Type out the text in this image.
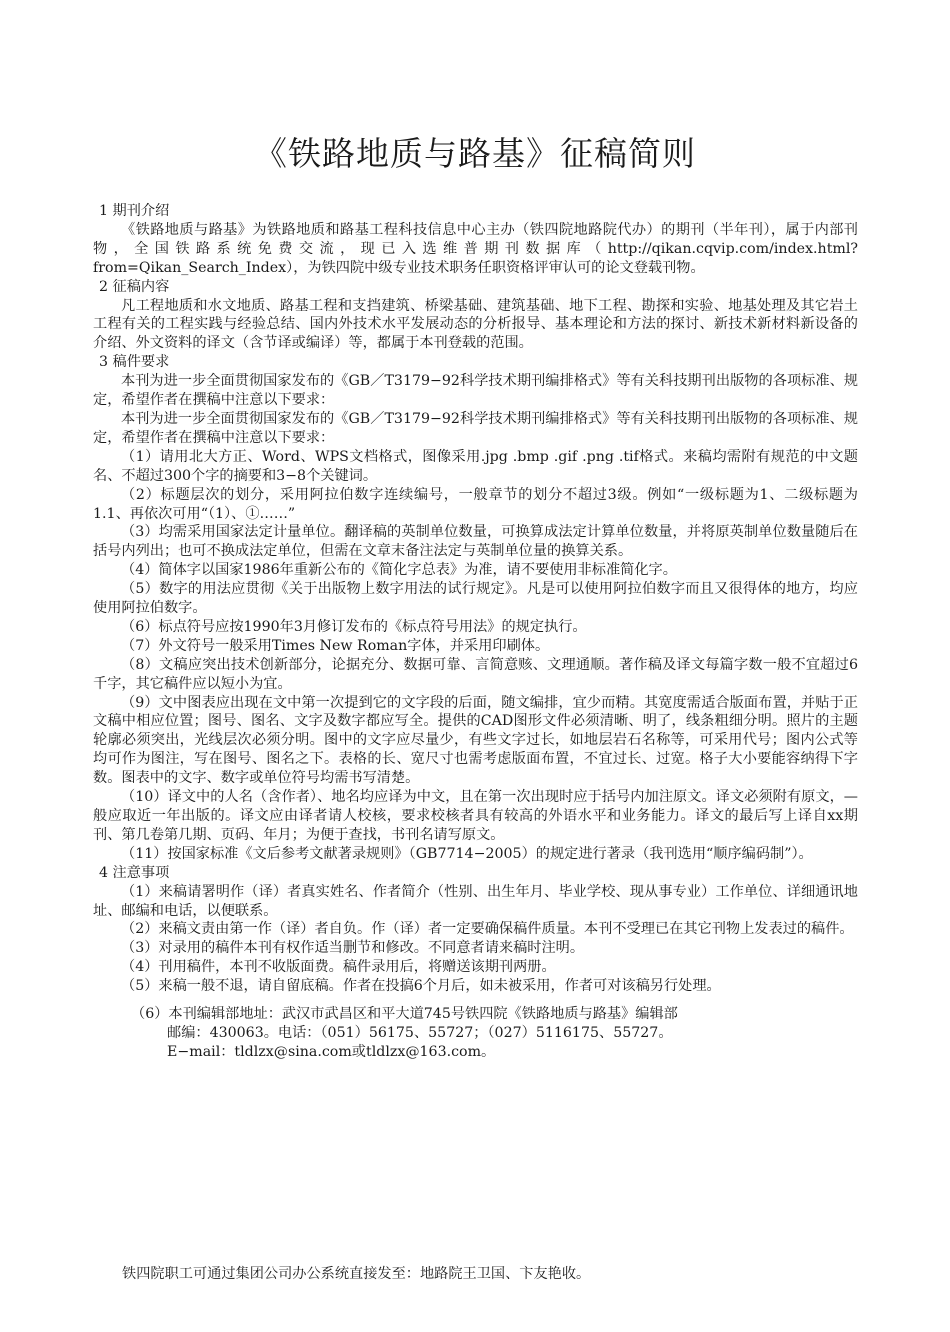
《铁路地质与路基》征稿简则

1 期刊介绍

《铁路地质与路基》为铁路地质和路基工程科技信息中心主办（铁四院地路院代办）的期刊（半年刊），属于内部刊物，全国铁路系统免费交流，现已入选维普期刊数据库（http://qikan.cqvip.com/index.html?from=Qikan_Search_Index），为铁四院中级专业技术职务任职资格评审认可的论文登载刊物。

2 征稿内容

凡工程地质和水文地质、路基工程和支挡建筑、桥梁基础、建筑基础、地下工程、勘探和实验、地基处理及其它岩土工程有关的工程实践与经验总结、国内外技术水平发展动态的分析报导、基本理论和方法的探讨、新技术新材料新设备的介绍、外文资料的译文（含节译或编译）等，都属于本刊登载的范围。

3 稿件要求

本刊为进一步全面贯彻国家发布的《GB／T3179−92科学技术期刊编排格式》等有关科技期刊出版物的各项标准、规定，希望作者在撰稿中注意以下要求：

本刊为进一步全面贯彻国家发布的《GB／T3179−92科学技术期刊编排格式》等有关科技期刊出版物的各项标准、规定，希望作者在撰稿中注意以下要求：

（1）请用北大方正、Word、WPS文档格式，图像采用.jpg .bmp .gif .png .tif格式。来稿均需附有规范的中文题名、不超过300个字的摘要和3−8个关键词。

（2）标题层次的划分，采用阿拉伯数字连续编号，一般章节的划分不超过3级。例如“一级标题为1、二级标题为1.1、再依次可用“（1）、①……”

（3）均需采用国家法定计量单位。翻译稿的英制单位数量，可换算成法定计算单位数量，并将原英制单位数量随后在括号内列出；也可不换成法定单位，但需在文章末备注法定与英制单位量的换算关系。

（4）简体字以国家1986年重新公布的《简化字总表》为准，请不要使用非标准简化字。

（5）数字的用法应贯彻《关于出版物上数字用法的试行规定》。凡是可以使用阿拉伯数字而且又很得体的地方，均应使用阿拉伯数字。

（6）标点符号应按1990年3月修订发布的《标点符号用法》的规定执行。

（7）外文符号一般采用Times New Roman字体，并采用印刷体。

（8）文稿应突出技术创新部分，论据充分、数据可靠、言简意赅、文理通顺。著作稿及译文每篇字数一般不宜超过6千字，其它稿件应以短小为宜。

（9）文中图表应出现在文中第一次提到它的文字段的后面，随文编排，宜少而精。其宽度需适合版面布置，并贴于正文稿中相应位置；图号、图名、文字及数字都应写全。提供的CAD图形文件必须清晰、明了，线条粗细分明。照片的主题轮廓必须突出，光线层次必须分明。图中的文字应尽量少，有些文字过长，如地层岩石名称等，可采用代号；图内公式等均可作为图注，写在图号、图名之下。表格的长、宽尺寸也需考虑版面布置，不宜过长、过宽。格子大小要能容纳得下字数。图表中的文字、数字或单位符号均需书写清楚。

（10）译文中的人名（含作者）、地名均应译为中文，且在第一次出现时应于括号内加注原文。译文必须附有原文，—般应取近一年出版的。译文应由译者请人校核，要求校核者具有较高的外语水平和业务能力。译文的最后写上译自xx期刊、第几卷第几期、页码、年月；为便于查找，书刊名请写原文。

（11）按国家标准《文后参考文献著录规则》（GB7714−2005）的规定进行著录（我刊选用“顺序编码制”）。

4 注意事项

（1）来稿请署明作（译）者真实姓名、作者简介（性别、出生年月、毕业学校、现从事专业）工作单位、详细通讯地址、邮编和电话，以便联系。

（2）来稿文责由第一作（译）者自负。作（译）者一定要确保稿件质量。本刊不受理已在其它刊物上发表过的稿件。

（3）对录用的稿件本刊有权作适当删节和修改。不同意者请来稿时注明。

（4）刊用稿件，本刊不收版面费。稿件录用后，将赠送该期刊两册。

（5）来稿一般不退，请自留底稿。作者在投搞6个月后，如未被采用，作者可对该稿另行处理。

（6）本刊编辑部地址：武汉市武昌区和平大道745号铁四院《铁路地质与路基》编辑部

邮编：430063。电话：（051）56175、55727；（027）5116175、55727。

E−mail：tldlzx@sina.com或tldlzx@163.com。

铁四院职工可通过集团公司办公系统直接发至：地路院王卫国、卞友艳收。
